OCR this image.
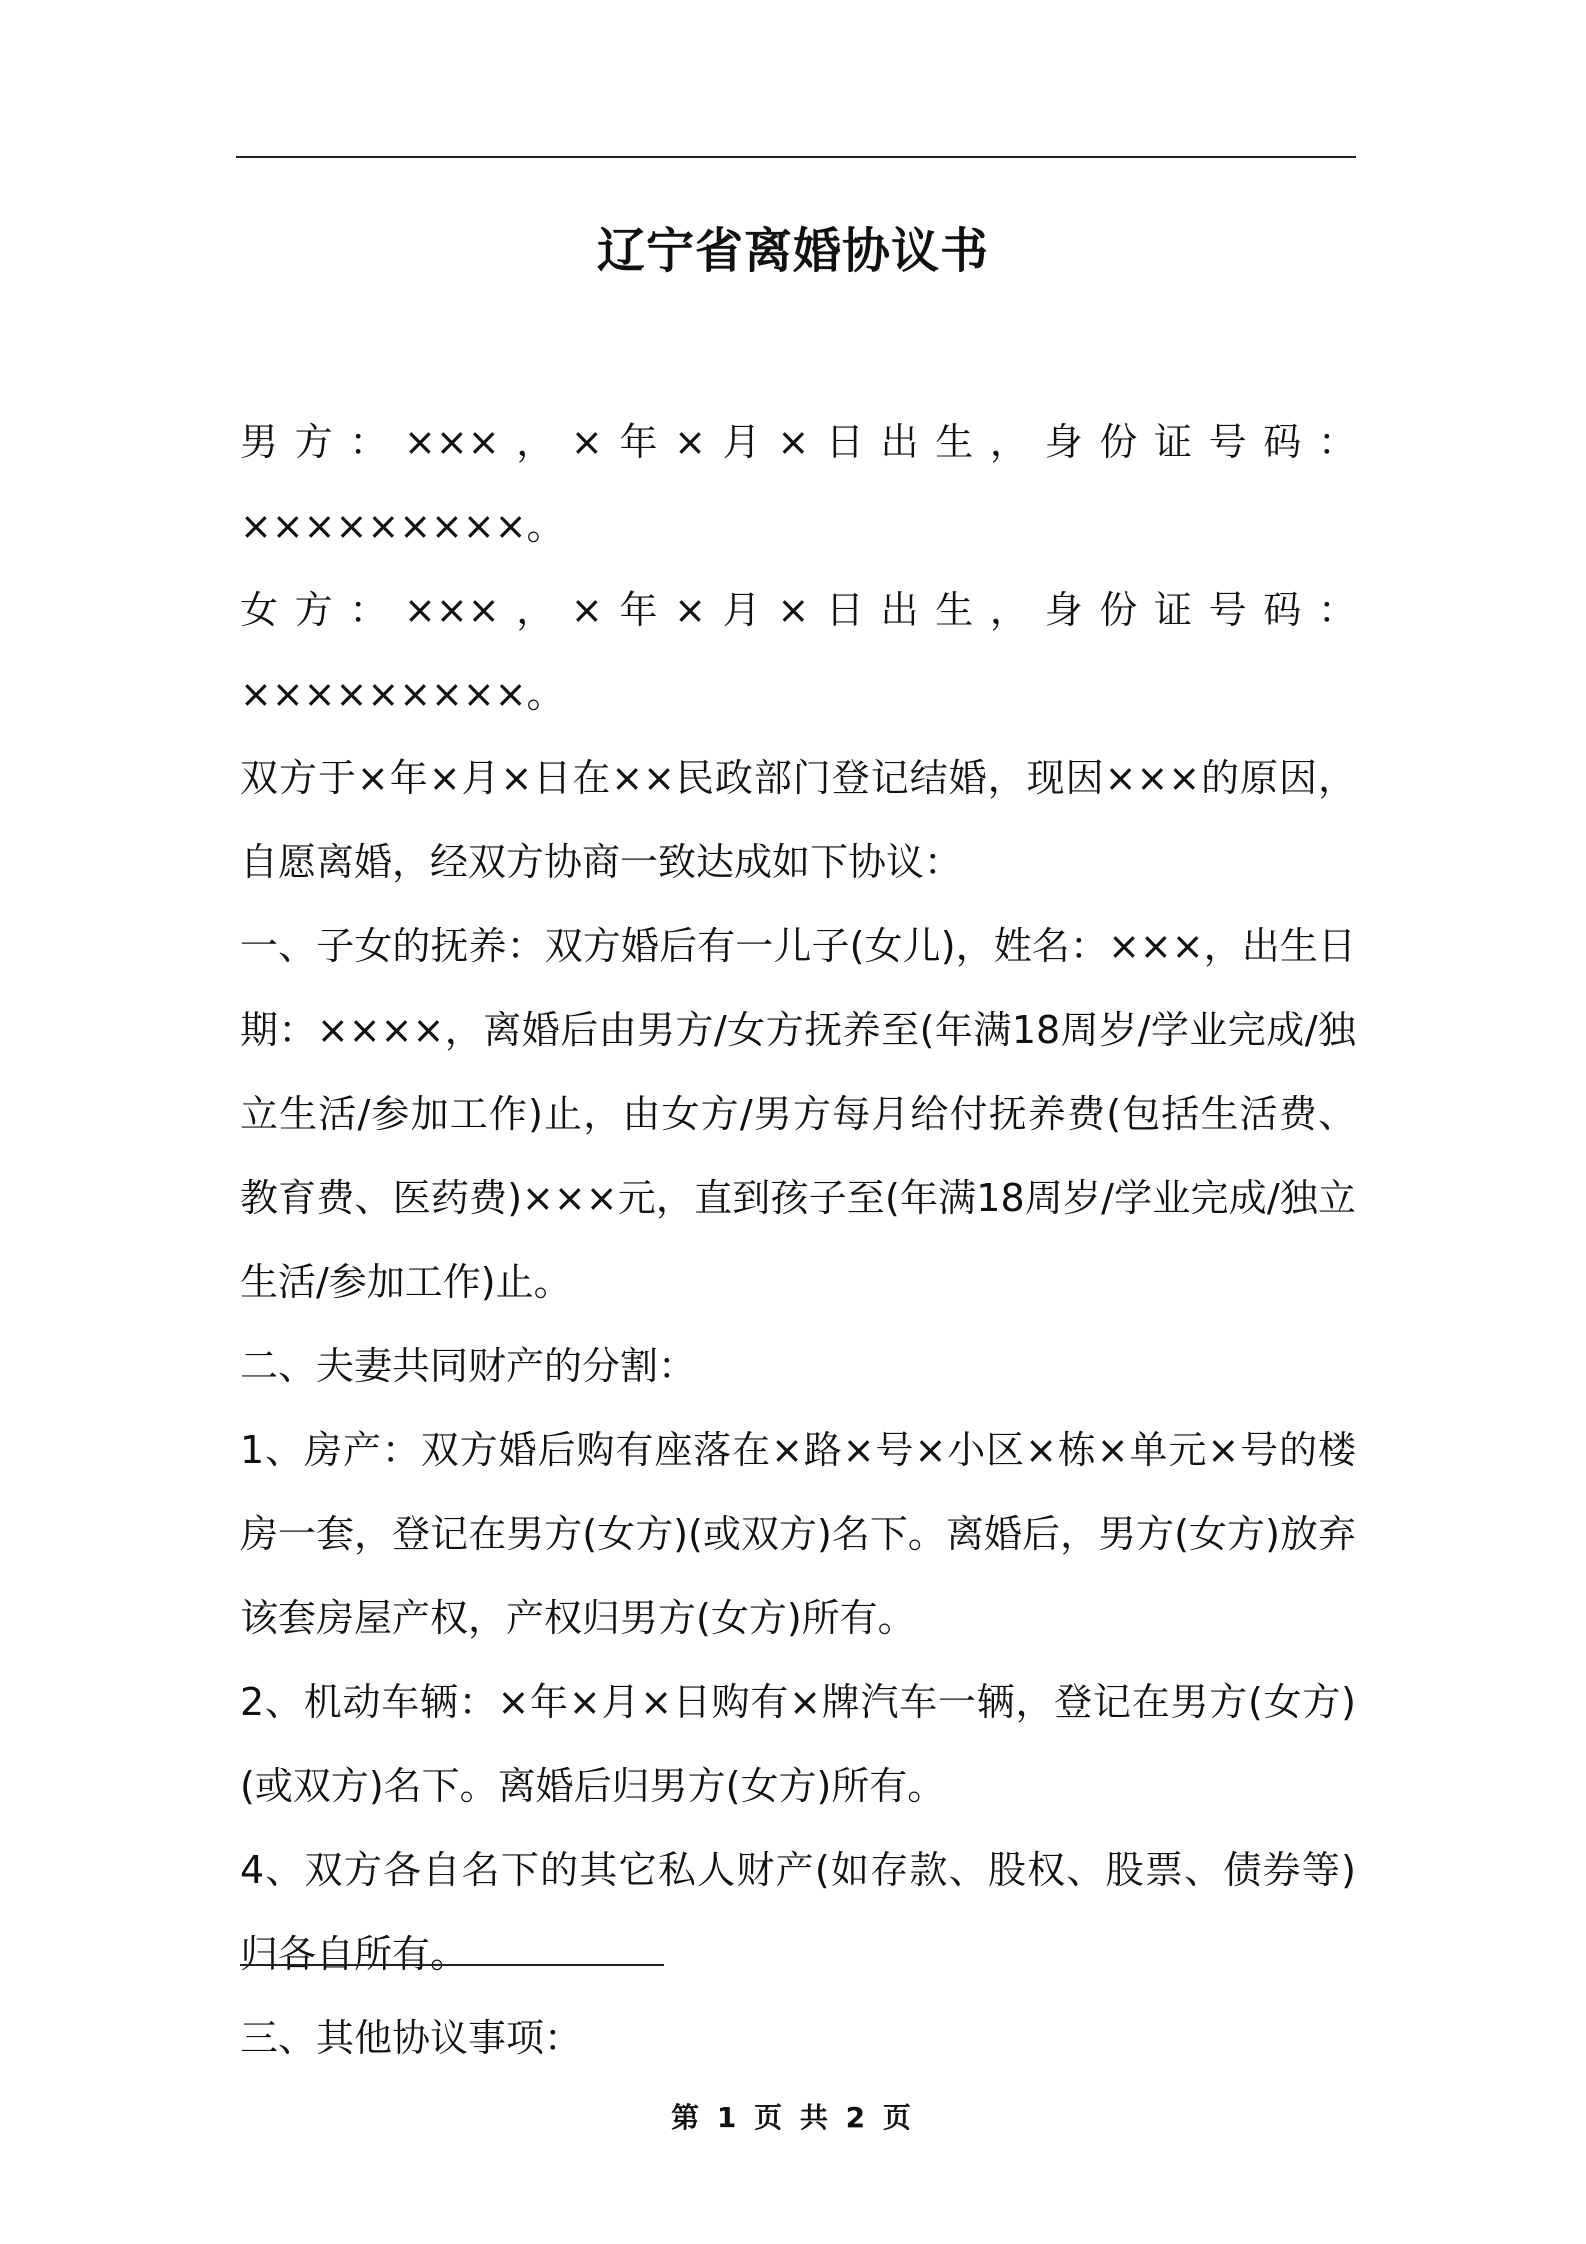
辽宁省离婚协议书

男方：×××，×年×月×日出生，身份证号码：×××××××××。

女方：×××，×年×月×日出生，身份证号码：×××××××××。

双方于×年×月×日在××民政部门登记结婚，现因×××的原因，自愿离婚，经双方协商一致达成如下协议：

一、子女的抚养：双方婚后有一儿子(女儿)，姓名：×××，出生日期：××××，离婚后由男方/女方抚养至(年满18周岁/学业完成/独立生活/参加工作)止，由女方/男方每月给付抚养费(包括生活费、教育费、医药费)×××元，直到孩子至(年满18周岁/学业完成/独立生活/参加工作)止。

二、夫妻共同财产的分割：

1、房产：双方婚后购有座落在×路×号×小区×栋×单元×号的楼房一套，登记在男方(女方)(或双方)名下。离婚后，男方(女方)放弃该套房屋产权，产权归男方(女方)所有。

2、机动车辆：×年×月×日购有×牌汽车一辆，登记在男方(女方)(或双方)名下。离婚后归男方(女方)所有。

4、双方各自名下的其它私人财产(如存款、股权、股票、债券等)归各自所有。

三、其他协议事项：

第 1 页 共 2 页
